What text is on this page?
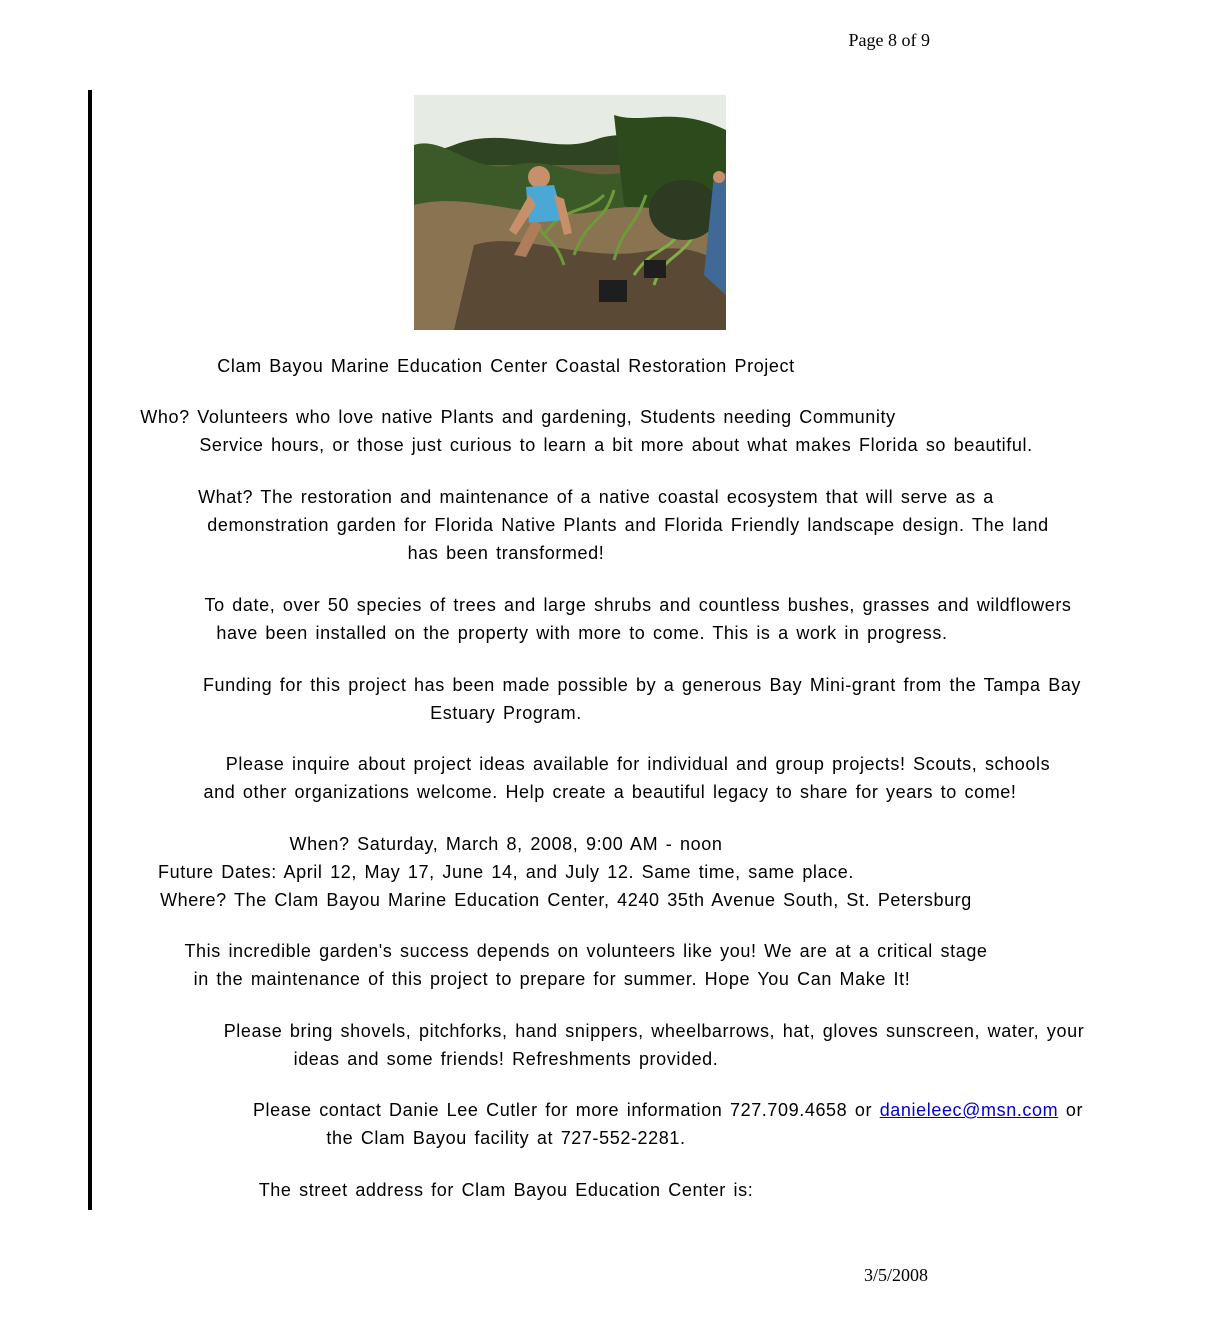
Page 8 of 9
Clam Bayou Marine Education Center Coastal Restoration Project
Who? Volunteers who love native Plants and gardening, Students needing Community
Service hours, or those just curious to learn a bit more about what makes Florida so beautiful.
What? The restoration and maintenance of a native coastal ecosystem that will serve as a
demonstration garden for Florida Native Plants and Florida Friendly landscape design. The land
has been transformed!
To date, over 50 species of trees and large shrubs and countless bushes, grasses and wildflowers
have been installed on the property with more to come. This is a work in progress.
Funding for this project has been made possible by a generous Bay Mini-grant from the Tampa Bay
Estuary Program.
Please inquire about project ideas available for individual and group projects! Scouts, schools
and other organizations welcome. Help create a beautiful legacy to share for years to come!
When? Saturday, March 8, 2008, 9:00 AM - noon
Future Dates: April 12, May 17, June 14, and July 12. Same time, same place.
Where? The Clam Bayou Marine Education Center, 4240 35th Avenue South, St. Petersburg
This incredible garden's success depends on volunteers like you! We are at a critical stage
in the maintenance of this project to prepare for summer. Hope You Can Make It!
Please bring shovels, pitchforks, hand snippers, wheelbarrows, hat, gloves sunscreen, water, your
ideas and some friends! Refreshments provided.
Please contact Danie Lee Cutler for more information 727.709.4658 or danieleec@msn.com or
the Clam Bayou facility at 727-552-2281.
The street address for Clam Bayou Education Center is:
3/5/2008
